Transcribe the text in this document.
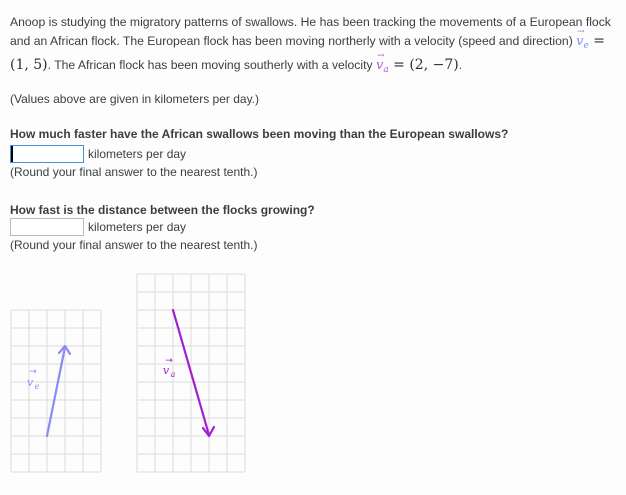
Anoop is studying the migratory patterns of swallows. He has been tracking the movements of a European flock and an African flock. The European flock has been moving northerly with a velocity (speed and direction)
→
$v_e = (1$, 5). The African flock has been moving southerly with a velocity
→
$v_a = (2$, −7).
(Values above are given in kilometers per day.)
How much faster have the African swallows been moving than the European swallows?
kilometers per day
(Round your final answer to the nearest tenth.)
How fast is the distance between the flocks growing?
kilometers per day
(Round your final answer to the nearest tenth.)
→
v e
→
v a
